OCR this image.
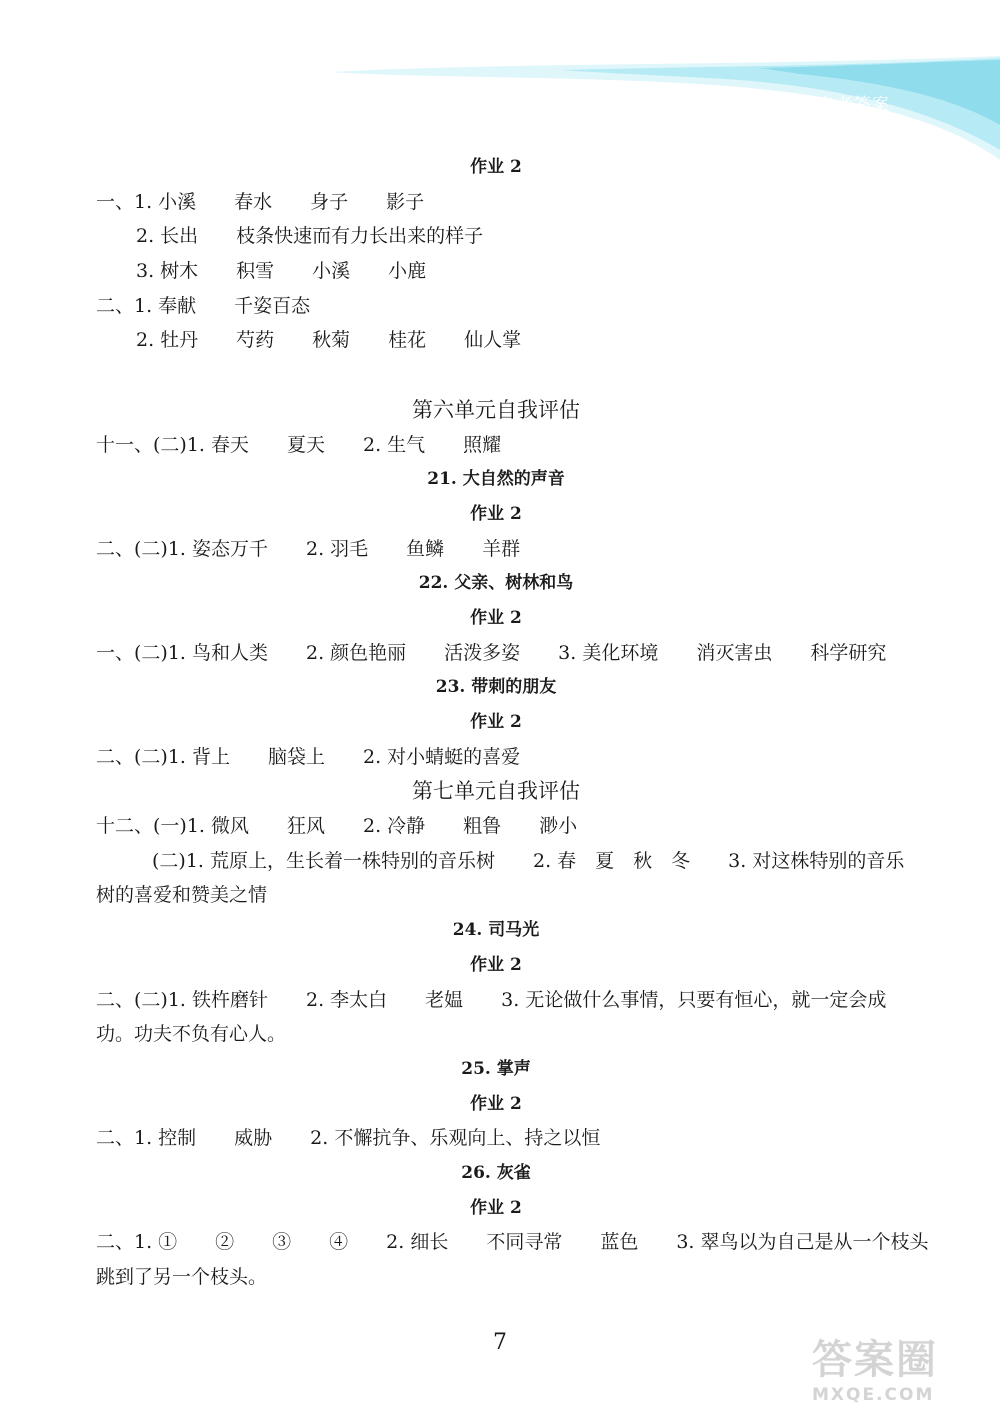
参考答案
作业 2
一、1. 小溪　　春水　　身子　　影子
2. 长出　　枝条快速而有力长出来的样子
3. 树木　　积雪　　小溪　　小鹿
二、1. 奉献　　千姿百态
2. 牡丹　　芍药　　秋菊　　桂花　　仙人掌
第六单元自我评估
十一、(二)1. 春天　　夏天　　2. 生气　　照耀
21. 大自然的声音
作业 2
二、(二)1. 姿态万千　　2. 羽毛　　鱼鳞　　羊群
22. 父亲、树林和鸟
作业 2
一、(二)1. 鸟和人类　　2. 颜色艳丽　　活泼多姿　　3. 美化环境　　消灭害虫　　科学研究
23. 带刺的朋友
作业 2
二、(二)1. 背上　　脑袋上　　2. 对小蜻蜓的喜爱
第七单元自我评估
十二、(一)1. 微风　　狂风　　2. 冷静　　粗鲁　　渺小
(二)1. 荒原上，生长着一株特别的音乐树　　2. 春　夏　秋　冬　　3. 对这株特别的音乐
树的喜爱和赞美之情
24. 司马光
作业 2
二、(二)1. 铁杵磨针　　2. 李太白　　老媪　　3. 无论做什么事情，只要有恒心，就一定会成
功。功夫不负有心人。
25. 掌声
作业 2
二、1. 控制　　威胁　　2. 不懈抗争、乐观向上、持之以恒
26. 灰雀
作业 2
二、1. ①　　②　　③　　④　　2. 细长　　不同寻常　　蓝色　　3. 翠鸟以为自己是从一个枝头
跳到了另一个枝头。
7	答案圈
MXQE.COM
